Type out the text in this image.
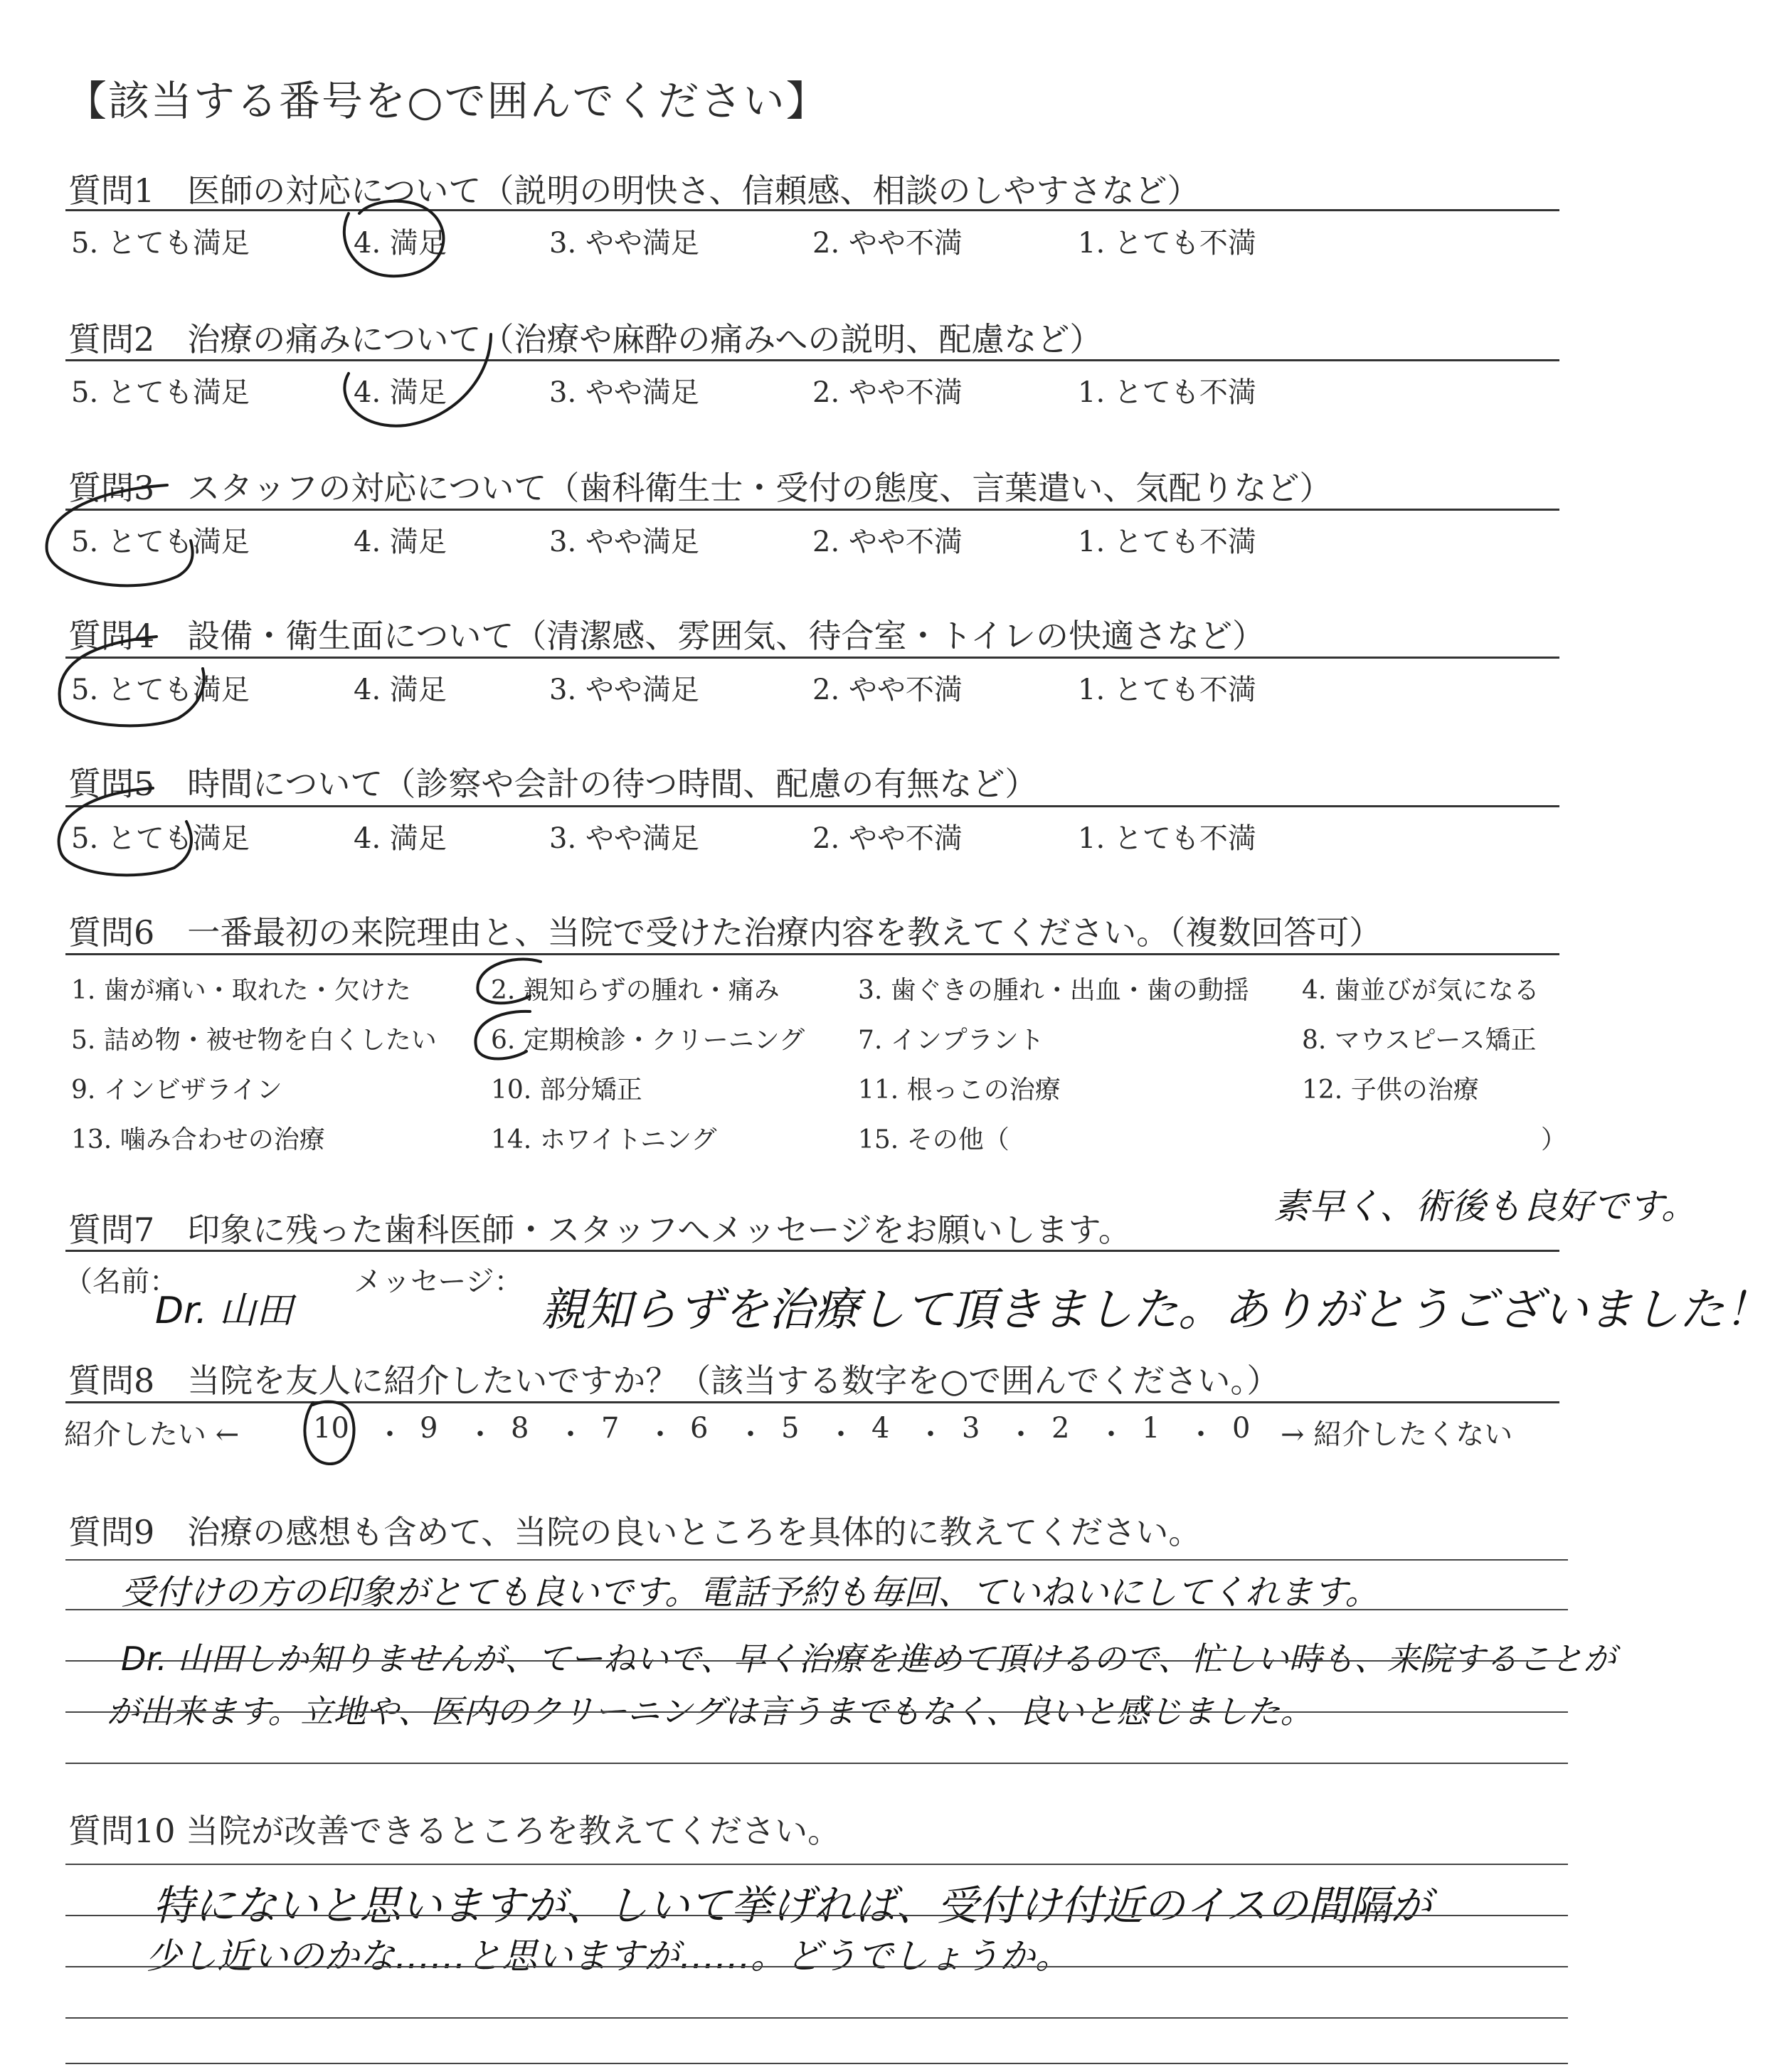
【該当する番号を○で囲んでください】
質問1　医師の対応について（説明の明快さ、信頼感、相談のしやすさなど）
5. とても満足	4. 満足	3. やや満足	2. やや不満	1. とても不満
質問2　治療の痛みについて（治療や麻酔の痛みへの説明、配慮など）
5. とても満足	4. 満足	3. やや満足	2. やや不満	1. とても不満
質問3　スタッフの対応について（歯科衛生士・受付の態度、言葉遣い、気配りなど）
5. とても満足	4. 満足	3. やや満足	2. やや不満	1. とても不満
質問4　設備・衛生面について（清潔感、雰囲気、待合室・トイレの快適さなど）
5. とても満足	4. 満足	3. やや満足	2. やや不満	1. とても不満
質問5　時間について（診察や会計の待つ時間、配慮の有無など）
5. とても満足	4. 満足	3. やや満足	2. やや不満	1. とても不満
質問6　一番最初の来院理由と、当院で受けた治療内容を教えてください。（複数回答可）
1. 歯が痛い・取れた・欠けた	2. 親知らずの腫れ・痛み	3. 歯ぐきの腫れ・出血・歯の動揺 4. 歯並びが気になる
5. 詰め物・被せ物を白くしたい 6. 定期検診・クリーニング 7. インプラント	8. マウスピース矯正
9. インビザライン	10. 部分矯正	11. 根っこの治療	12. 子供の治療
13. 噛み合わせの治療	14. ホワイトニング	15. その他（	）
質問7　印象に残った歯科医師・スタッフへメッセージをお願いします。
素早く、術後も良好です。
（名前：
Dr. 山田
メッセージ：
親知らずを治療して頂きました。ありがとうございました！
質問8　当院を友人に紹介したいですか？（該当する数字を○で囲んでください。）
紹介したい ←	10 ・ 9 ・ 8 ・ 7 ・ 6 ・ 5 ・ 4 ・ 3 ・ 2 ・ 1 ・ 0 → 紹介したくない
質問9　治療の感想も含めて、当院の良いところを具体的に教えてください。
受付けの方の印象がとても良いです。電話予約も毎回、ていねいにしてくれます。
Dr. 山田しか知りませんが、てーねいで、早く治療を進めて頂けるので、忙しい時も、来院することが
が出来ます。立地や、医内のクリーニングは言うまでもなく、良いと感じました。
質問10 当院が改善できるところを教えてください。
特にないと思いますが、しいて挙げれば、受付け付近のイスの間隔が
少し近いのかな……と思いますが……。どうでしょうか。
